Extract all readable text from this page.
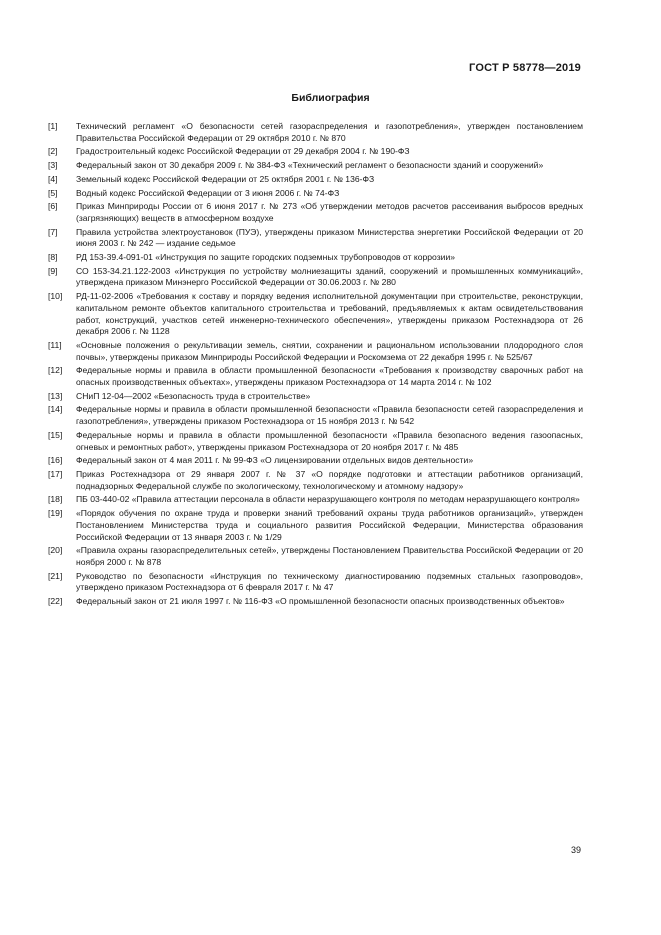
ГОСТ Р 58778—2019
Библиография
[1]	Технический регламент «О безопасности сетей газораспределения и газопотребления», утвержден постановлением Правительства Российской Федерации от 29 октября 2010 г. № 870
[2]	Градостроительный кодекс Российской Федерации от 29 декабря 2004 г. № 190-ФЗ
[3]	Федеральный закон от 30 декабря 2009 г. № 384-ФЗ «Технический регламент о безопасности зданий и сооружений»
[4]	Земельный кодекс Российской Федерации от 25 октября 2001 г. № 136-ФЗ
[5]	Водный кодекс Российской Федерации от 3 июня 2006 г. № 74-ФЗ
[6]	Приказ Минприроды России от 6 июня 2017 г. № 273 «Об утверждении методов расчетов рассеивания выбросов вредных (загрязняющих) веществ в атмосферном воздухе
[7]	Правила устройства электроустановок (ПУЭ), утверждены приказом Министерства энергетики Российской Федерации от 20 июня 2003 г. № 242 — издание седьмое
[8]	РД 153-39.4-091-01 «Инструкция по защите городских подземных трубопроводов от коррозии»
[9]	СО 153-34.21.122-2003 «Инструкция по устройству молниезащиты зданий, сооружений и промышленных коммуникаций», утверждена приказом Минэнерго Российской Федерации от 30.06.2003 г. № 280
[10]	РД-11-02-2006 «Требования к составу и порядку ведения исполнительной документации при строительстве, реконструкции, капитальном ремонте объектов капитального строительства и требований, предъявляемых к актам освидетельствования работ, конструкций, участков сетей инженерно-технического обеспечения», утверждены приказом Ростехнадзора от 26 декабря 2006 г. № 1128
[11]	«Основные положения о рекультивации земель, снятии, сохранении и рациональном использовании плодородного слоя почвы», утверждены приказом Минприроды Российской Федерации и Роскомзема от 22 декабря 1995 г. № 525/67
[12]	Федеральные нормы и правила в области промышленной безопасности «Требования к производству сварочных работ на опасных производственных объектах», утверждены приказом Ростехнадзора от 14 марта 2014 г. № 102
[13]	СНиП 12-04—2002 «Безопасность труда в строительстве»
[14]	Федеральные нормы и правила в области промышленной безопасности «Правила безопасности сетей газораспределения и газопотребления», утверждены приказом Ростехнадзора от 15 ноября 2013 г. № 542
[15]	Федеральные нормы и правила в области промышленной безопасности «Правила безопасного ведения газоопасных, огневых и ремонтных работ», утверждены приказом Ростехнадзора от 20 ноября 2017 г. № 485
[16]	Федеральный закон от 4 мая 2011 г. № 99-ФЗ «О лицензировании отдельных видов деятельности»
[17]	Приказ Ростехнадзора от 29 января 2007 г. № 37 «О порядке подготовки и аттестации работников организаций, поднадзорных Федеральной службе по экологическому, технологическому и атомному надзору»
[18]	ПБ 03-440-02 «Правила аттестации персонала в области неразрушающего контроля по методам неразрушающего контроля»
[19]	«Порядок обучения по охране труда и проверки знаний требований охраны труда работников организаций», утвержден Постановлением Министерства труда и социального развития Российской Федерации, Министерства образования Российской Федерации от 13 января 2003 г. № 1/29
[20]	«Правила охраны газораспределительных сетей», утверждены Постановлением Правительства Российской Федерации от 20 ноября 2000 г. № 878
[21]	Руководство по безопасности «Инструкция по техническому диагностированию подземных стальных газопроводов», утверждено приказом Ростехнадзора от 6 февраля 2017 г. № 47
[22]	Федеральный закон от 21 июля 1997 г. № 116-ФЗ «О промышленной безопасности опасных производственных объектов»
39
